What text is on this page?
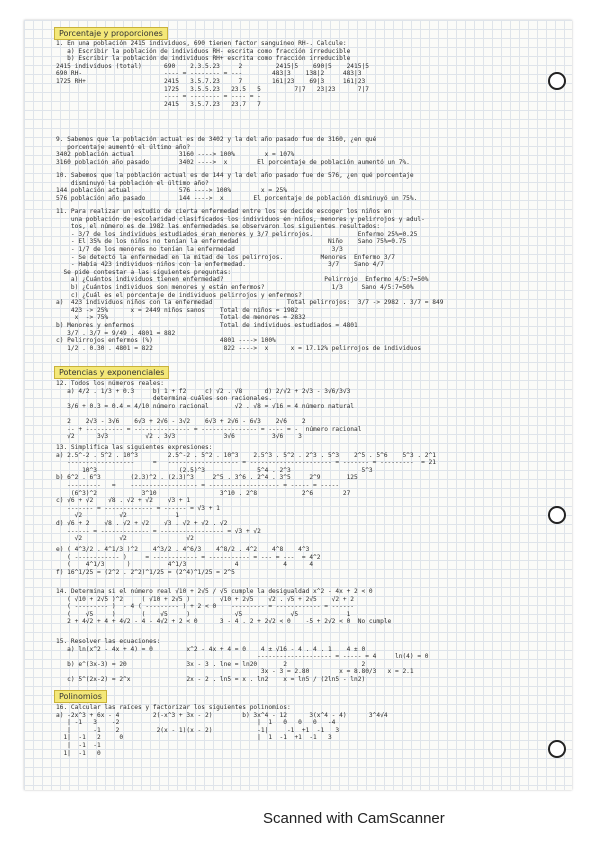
Porcentaje y proporciones
1. En una población 2415 individuos, 690 tienen factor sanguíneo RH-. Calcule:
a) Escribir la población de individuos RH- escrita como fracción irreducible
b) Escribir la población de individuos RH+ escrita como fracción irreducible
2415 individuos (total)      690    2.3.5.23     2         2415|5    690|5    2415|5
690 RH-                      ---- = -------- = ---        483|3    138|2     483|3
1725 RH+                     2415   3.5.7.23     7        161|23    69|3     161|23
1725   3.5.5.23   23.5   5         7|7   23|23      7|7
---- = -------- = ---- = -
2415   3.5.7.23   23.7   7
9. Sabemos que la población actual es de 3402 y la del año pasado fue de 3160, ¿en qué
porcentaje aumentó el último año?
3402 población actual            3160 ----> 100%        x = 107%
3160 población año pasado        3402 ---->  x        El porcentaje de población aumentó un 7%.
10. Sabemos que la población actual es de 144 y la del año pasado fue de 576, ¿en qué porcentaje
disminuyó la población el último año?
144 población actual             576 ----> 100%        x = 25%
576 población año pasado         144 ---->  x        El porcentaje de población disminuyó un 75%.
11. Para realizar un estudio de cierta enfermedad entre los se decide escoger los niños en
una población de escolaridad clasificados los individuos en niños, menores y pelirrojos y adul-
tos, el número es de 1982 las enfermedades se observaron los siguientes resultados:
- 3/7 de los individuos estudiados eran menores y 3/7 pelirrojos.            Enfermo 25%=0.25
- El 35% de los niños no tenían la enfermedad                        Niño    Sano 75%=0.75
- 1/7 de los menores no tenían la enfermedad                          3/3
- Se detectó la enfermedad en la mitad de los pelirrojos.          Menores  Enfermo 3/7
- Había 423 individuos niños con la enfermedad.                      3/7    Sano 4/7
Se pide contestar a las siguientes preguntas:
a) ¿Cuántos individuos tienen enfermedad?                           Pelirrojo  Enfermo 4/5:7=50%
b) ¿Cuántos individuos son menores y están enfermos?                  1/3     Sano 4/5:7=50%
c) ¿Cuál es el porcentaje de individuos pelirrojos y enfermos?
a)  423 individuos niños con la enfermedad                    Total pelirrojos:  3/7 -> 2982 . 3/7 = 849
423 -> 25%      x = 2449 niños sanos    Total de niños = 1982
x  -> 75%                              Total de menores = 2832
b) Menores y enfermos                       Total de individuos estudiados = 4801
3/7 . 3/7 = 9/49 . 4801 = 882
c) Pelirrojos enfermos (%)                  4801 ----> 100%
1/2 . 0.30 . 4801 = 822                   822 ---->  x      x = 17.12% pelirrojos de individuos
Potencias y exponenciales
12. Todos los números reales:
a) 4/2 . 1/3 + 0.3     b) 1 + f2     c) √2 . √8      d) 2/√2 + 2√3 - 3√6/3√3
determina cuáles son racionales.
3/6 + 0.3 = 0.4 = 4/10 número racional       √2 . √8 = √16 = 4 número natural

2    2√3 - 3√6    6√3 + 2√6 - 3√2    6√3 + 2√6 - 6√3    2√6    2
-- + ---------- = --------------- = --------------- = ---- = -  número racional
√2      3√3          √2 . 3√3             3√6          3√6    3
13. Simplifica las siguientes expresiones:
a) 2.5^-2 . 5^2 . 10^3        2.5^-2 . 5^2 . 10^3    2.5^3 . 5^2 . 2^3 . 5^3    2^5 . 5^6    5^3 . 2^1
------------------     =   ------------------- = ---------------------- = ------- = ---------  = 21
10^3                      (2.5)^3              5^4 . 2^3                   5^3
b) 6^2 . 6^3        (2.3)^2 . (2.3)^3     2^5 . 3^6 . 2^4 . 3^5     2^9       125
---------   =    ------------------ = ------------------- = ----- = -----
(6^3)^2            3^10                 3^10 . 2^8            2^6        27
c) √6 + √2    √8 . √2 + √2    √3 + 1
------- = ------------- = ------ = √3 + 1
√2          √2             1
d) √6 + 2    √8 . √2 + √2    √3 . √2 + √2 . √2
------ = ------------- = ----------------- = √3 + √2
√2          √2                √2
e) ( 4^3/2 . 4^1/3 )^2    4^3/2 . 4^6/3    4^8/2 . 4^2    4^8    4^3
( ------------ )     = ------------ = ----------- = --- = ---  = 4^2
(    4^1/3      )          4^1/3             4            4      4
f) 16^1/25 = (2^2 . 2^2)^1/25 = (2^4)^1/25 = 2^5
14. Determina si el número real √10 + 2√5 / √5 cumple la desigualdad x^2 - 4x + 2 < 0
( √10 + 2√5 )^2     ( √10 + 2√5 )        √10 + 2√5    √2 . √5 + 2√5    √2 + 2
( --------- )  - 4 ( --------- ) + 2 < 0    --------- = ------------ = ------
(    √5     )       (    √5     )            √5             √5             1
2 + 4√2 + 4 + 4√2 - 4 - 4√2 + 2 < 0      3 - 4 . 2 + 2√2 < 0    -5 + 2√2 < 0  No cumple
15. Resolver las ecuaciones:
a) ln(x^2 - 4x + 4) = 0         x^2 - 4x + 4 = 0    4 ± √16 - 4 . 4 . 1    4 ± 0
-------------------- = ----- = 4     ln(4) = 0
b) e^(3x-3) = 20                3x - 3 . lne = ln20       2                    2
3x - 3 = 2.80        x = 8.80/3   x = 2.1
c) 5^(2x-2) = 2^x               2x - 2 . ln5 = x . ln2    x = ln5 / (2ln5 - ln2)
Polinomios
16. Calcular las raíces y factorizar los siguientes polinomios:
a) -2x^3 + 6x - 4         2(-x^3 + 3x - 2)        b) 3x^4 - 12      3(x^4 - 4)      3^4√4
| -1   3    -2                                     |  1   0   0   0   -4
|      -1    2          2(x - 1)(x - 2)            -1|     -1  +1  -1   3
1|  -1   2     0                                    |  1  -1  +1  -1   3
|  -1  -1
1|  -1   0
Scanned with CamScanner
